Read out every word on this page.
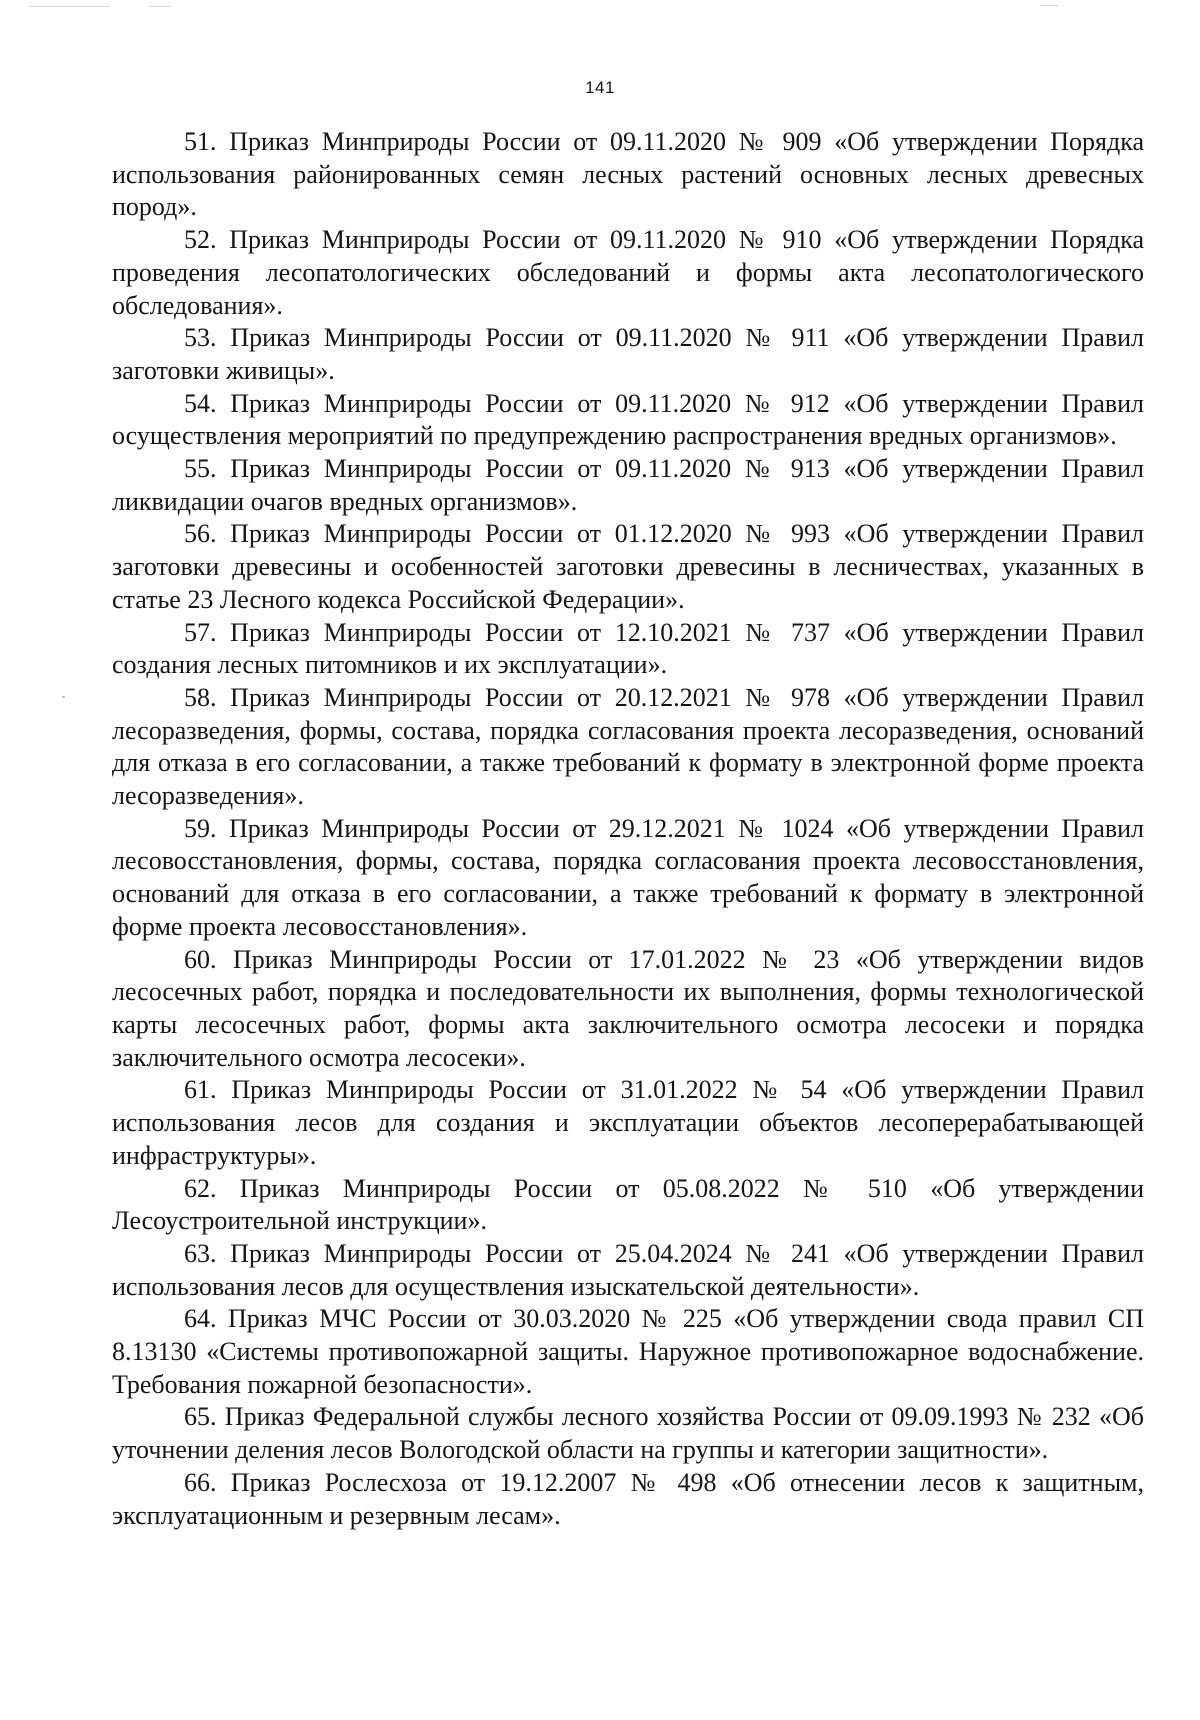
141

51. Приказ Минприроды России от 09.11.2020 № 909 «Об утверждении Порядка использования районированных семян лесных растений основных лесных древесных пород».

52. Приказ Минприроды России от 09.11.2020 № 910 «Об утверждении Порядка проведения лесопатологических обследований и формы акта лесопатологического обследования».

53. Приказ Минприроды России от 09.11.2020 № 911 «Об утверждении Правил заготовки живицы».

54. Приказ Минприроды России от 09.11.2020 № 912 «Об утверждении Правил осуществления мероприятий по предупреждению распространения вредных организмов».

55. Приказ Минприроды России от 09.11.2020 № 913 «Об утверждении Правил ликвидации очагов вредных организмов».

56. Приказ Минприроды России от 01.12.2020 № 993 «Об утверждении Правил заготовки древесины и особенностей заготовки древесины в лесничествах, указанных в статье 23 Лесного кодекса Российской Федерации».

57. Приказ Минприроды России от 12.10.2021 № 737 «Об утверждении Правил создания лесных питомников и их эксплуатации».

58. Приказ Минприроды России от 20.12.2021 № 978 «Об утверждении Правил лесоразведения, формы, состава, порядка согласования проекта лесоразведения, оснований для отказа в его согласовании, а также требований к формату в электронной форме проекта лесоразведения».

59. Приказ Минприроды России от 29.12.2021 № 1024 «Об утверждении Правил лесовосстановления, формы, состава, порядка согласования проекта лесовосстановления, оснований для отказа в его согласовании, а также требований к формату в электронной форме проекта лесовосстановления».

60. Приказ Минприроды России от 17.01.2022 № 23 «Об утверждении видов лесосечных работ, порядка и последовательности их выполнения, формы технологической карты лесосечных работ, формы акта заключительного осмотра лесосеки и порядка заключительного осмотра лесосеки».

61. Приказ Минприроды России от 31.01.2022 № 54 «Об утверждении Правил использования лесов для создания и эксплуатации объектов лесоперерабатывающей инфраструктуры».

62. Приказ Минприроды России от 05.08.2022 № 510 «Об утверждении Лесоустроительной инструкции».

63. Приказ Минприроды России от 25.04.2024 № 241 «Об утверждении Правил использования лесов для осуществления изыскательской деятельности».

64. Приказ МЧС России от 30.03.2020 № 225 «Об утверждении свода правил СП 8.13130 «Системы противопожарной защиты. Наружное противопожарное водоснабжение. Требования пожарной безопасности».

65. Приказ Федеральной службы лесного хозяйства России от 09.09.1993 № 232 «Об уточнении деления лесов Вологодской области на группы и категории защитности».

66. Приказ Рослесхоза от 19.12.2007 № 498 «Об отнесении лесов к защитным, эксплуатационным и резервным лесам».
